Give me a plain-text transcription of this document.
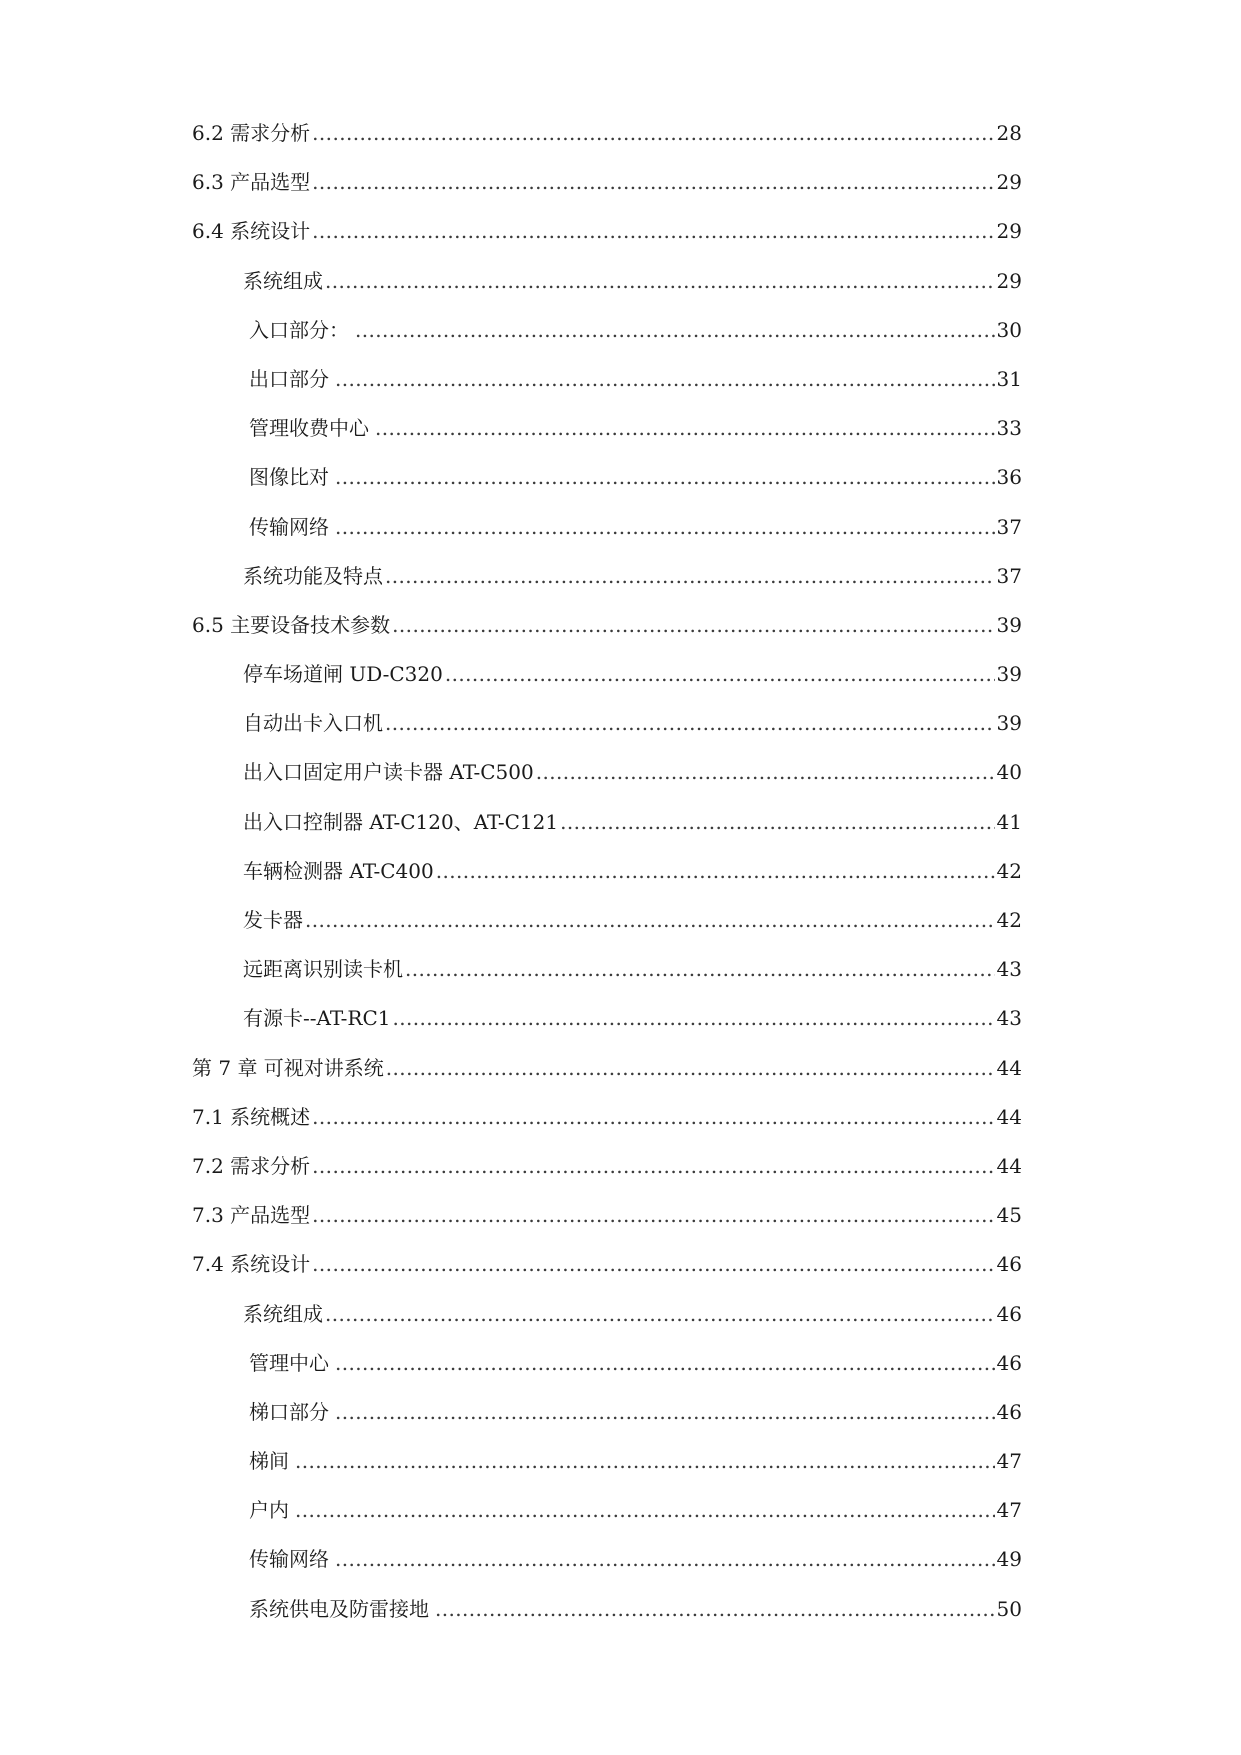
6.2 需求分析 .....	28
6.3 产品选型 .....	29
6.4 系统设计 .....	29
系统组成 .....	29
入口部分： .....	30
出口部分 .....	31
管理收费中心 .....	33
图像比对 .....	36
传输网络 .....	37
系统功能及特点 .....	37
6.5 主要设备技术参数 .....	39
停车场道闸 UD-C320 .....	39
自动出卡入口机 .....	39
出入口固定用户读卡器 AT-C500 .....	40
出入口控制器 AT-C120、AT-C121 .....	41
车辆检测器 AT-C400 .....	42
发卡器 .....	42
远距离识别读卡机 .....	43
有源卡--AT-RC1 .....	43
第 7 章 可视对讲系统 .....	44
7.1 系统概述 .....	44
7.2 需求分析 .....	44
7.3 产品选型 .....	45
7.4 系统设计 .....	46
系统组成 .....	46
管理中心 .....	46
梯口部分 .....	46
梯间 .....	47
户内 .....	47
传输网络 .....	49
系统供电及防雷接地 .....	50
